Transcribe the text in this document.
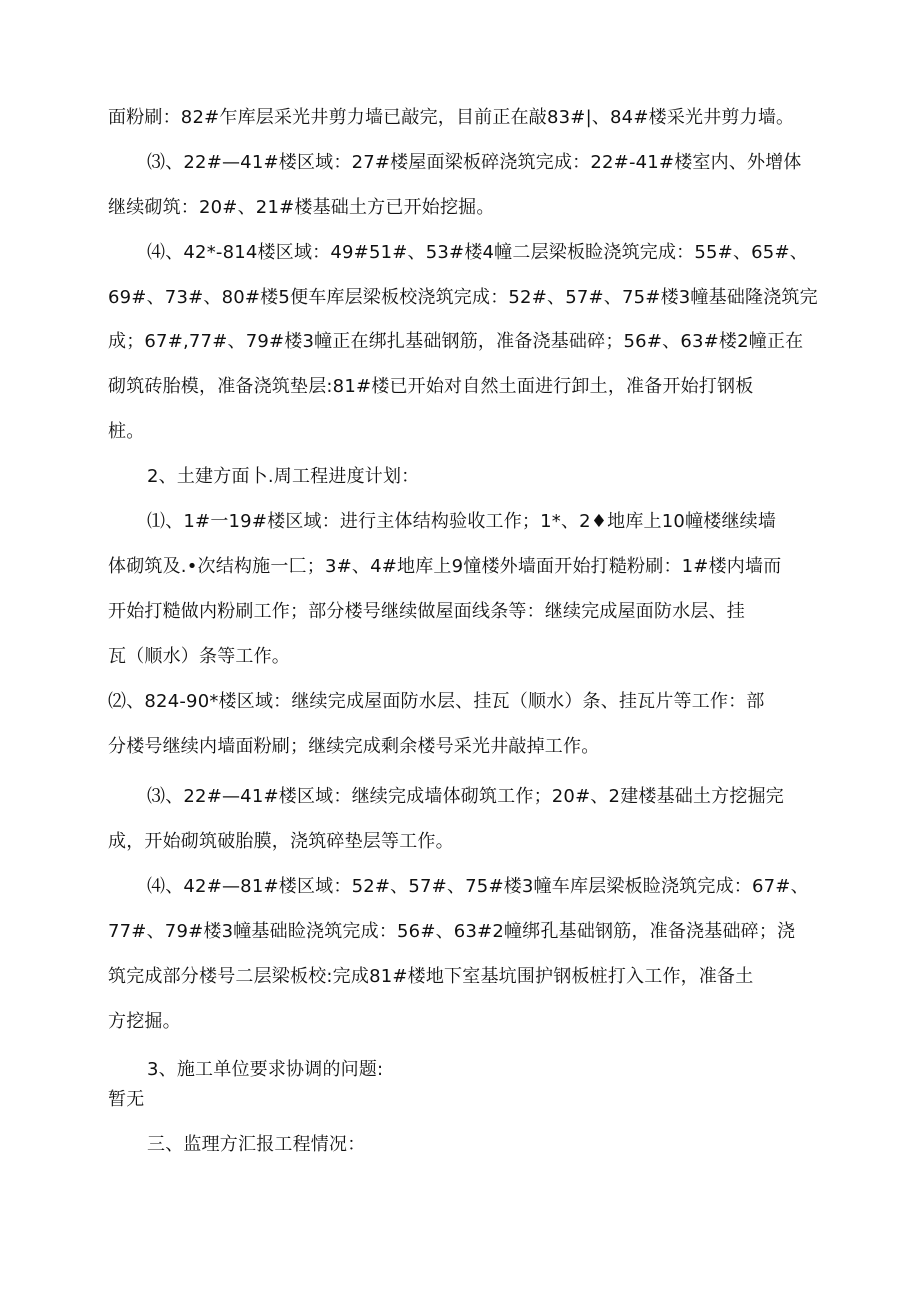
面粉刷：82#乍库层采光井剪力墙已敲完，目前正在敲83#|、84#楼采光井剪力墙。
⑶、22#—41#楼区域：27#楼屋面梁板碎浇筑完成：22#-41#楼室内、外增体
继续砌筑：20#、21#楼基础土方已开始挖掘。
⑷、42*-814楼区域：49#51#、53#楼4幢二层梁板睑浇筑完成：55#、65#、
69#、73#、80#楼5便车库层梁板校浇筑完成：52#、57#、75#楼3幢基础隆浇筑完
成；67#,77#、79#楼3幢正在绑扎基础钢筋，准备浇基础碎；56#、63#楼2幢正在
砌筑砖胎模，准备浇筑垫层:81#楼已开始对自然土面进行卸土，准备开始打钢板
桩。
2、土建方面卜.周工程进度计划：
⑴、1#一19#楼区域：进行主体结构验收工作；1*、2♦地库上10幢楼继续墙
体砌筑及.•次结构施一匚；3#、4#地库上9憧楼外墙面开始打糙粉刷：1#楼内墙而
开始打糙做内粉刷工作；部分楼号继续做屋面线条等：继续完成屋面防水层、挂
瓦（顺水）条等工作。
⑵、824-90*楼区域：继续完成屋面防水层、挂瓦（顺水）条、挂瓦片等工作：部
分楼号继续内墙面粉刷；继续完成剩余楼号采光井敲掉工作。
⑶、22#—41#楼区域：继续完成墙体砌筑工作；20#、2建楼基础土方挖掘完
成，开始砌筑破胎膜，浇筑碎垫层等工作。
⑷、42#—81#楼区域：52#、57#、75#楼3幢车库层梁板睑浇筑完成：67#、
77#、79#楼3幢基础睑浇筑完成：56#、63#2幢绑孔基础钢筋，准备浇基础碎；浇
筑完成部分楼号二层梁板校:完成81#楼地下室基坑围护钢板桩打入工作，准备土
方挖掘。
3、施工单位要求协调的问题:
暂无
三、监理方汇报工程情况：
